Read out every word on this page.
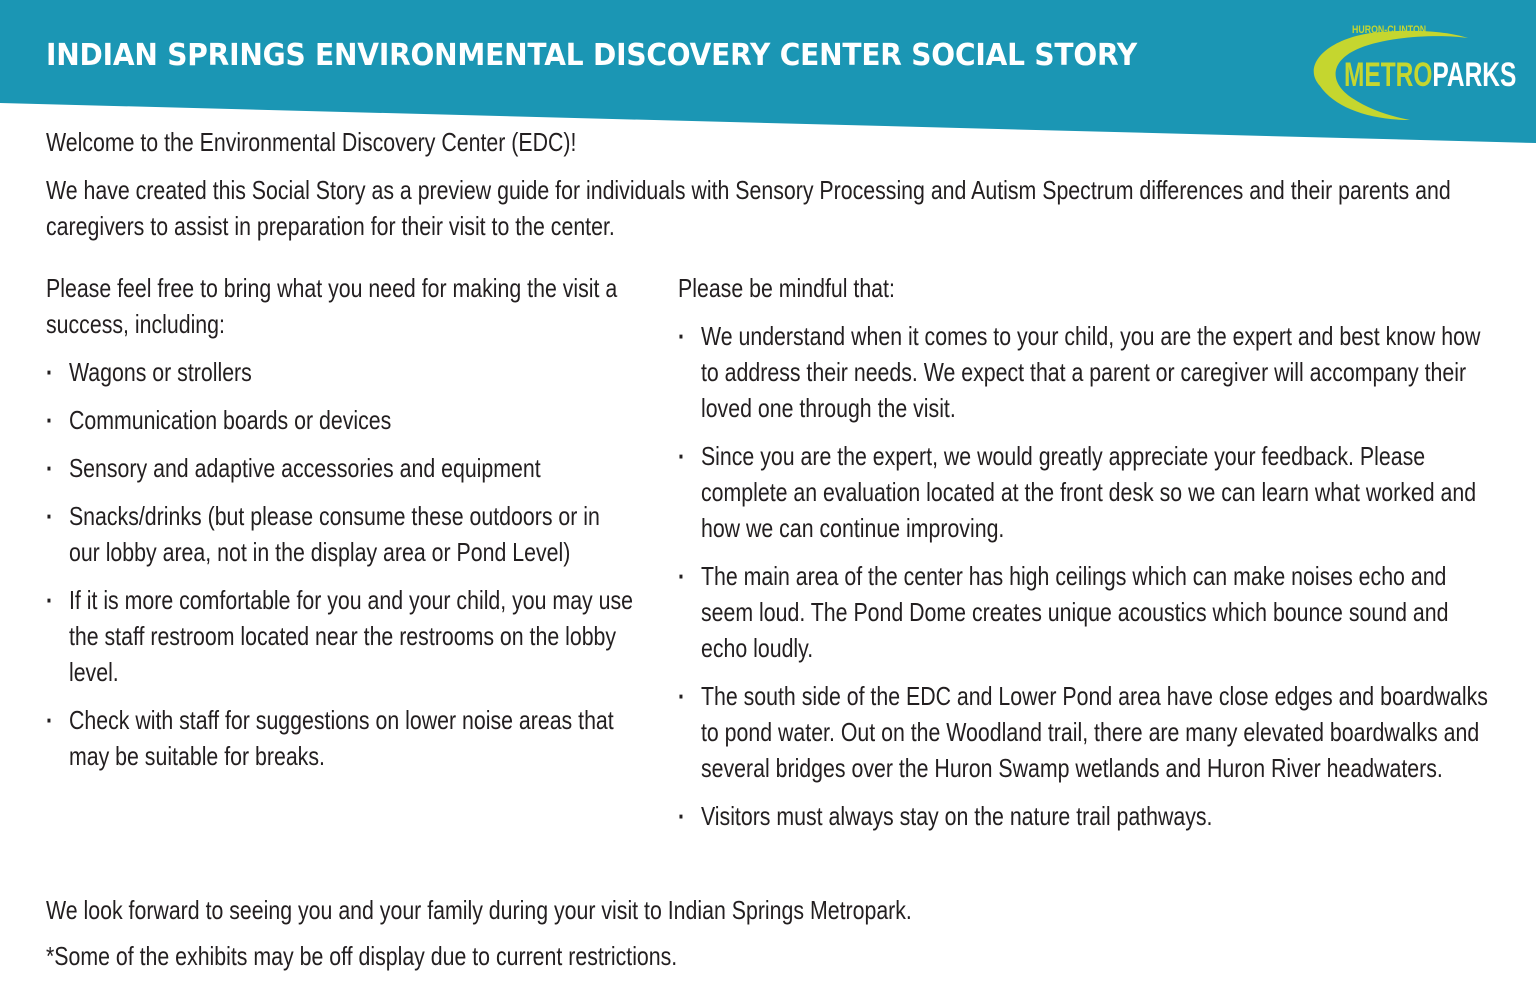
INDIAN SPRINGS ENVIRONMENTAL DISCOVERY CENTER SOCIAL STORY
HURON-CLINTON
METROPARKS
Welcome to the Environmental Discovery Center (EDC)!
We have created this Social Story as a preview guide for individuals with Sensory Processing and Autism Spectrum differences and their parents and caregivers to assist in preparation for their visit to the center.
Please feel free to bring what you need for making the visit a success, including:
· Wagons or strollers
· Communication boards or devices
· Sensory and adaptive accessories and equipment
· Snacks/drinks (but please consume these outdoors or in our lobby area, not in the display area or Pond Level)
· If it is more comfortable for you and your child, you may use the staff restroom located near the restrooms on the lobby level.
· Check with staff for suggestions on lower noise areas that may be suitable for breaks.
Please be mindful that:
· We understand when it comes to your child, you are the expert and best know how to address their needs. We expect that a parent or caregiver will accompany their loved one through the visit.
· Since you are the expert, we would greatly appreciate your feedback. Please complete an evaluation located at the front desk so we can learn what worked and how we can continue improving.
· The main area of the center has high ceilings which can make noises echo and seem loud. The Pond Dome creates unique acoustics which bounce sound and echo loudly.
· The south side of the EDC and Lower Pond area have close edges and boardwalks to pond water. Out on the Woodland trail, there are many elevated boardwalks and several bridges over the Huron Swamp wetlands and Huron River headwaters.
· Visitors must always stay on the nature trail pathways.
We look forward to seeing you and your family during your visit to Indian Springs Metropark.
*Some of the exhibits may be off display due to current restrictions.
